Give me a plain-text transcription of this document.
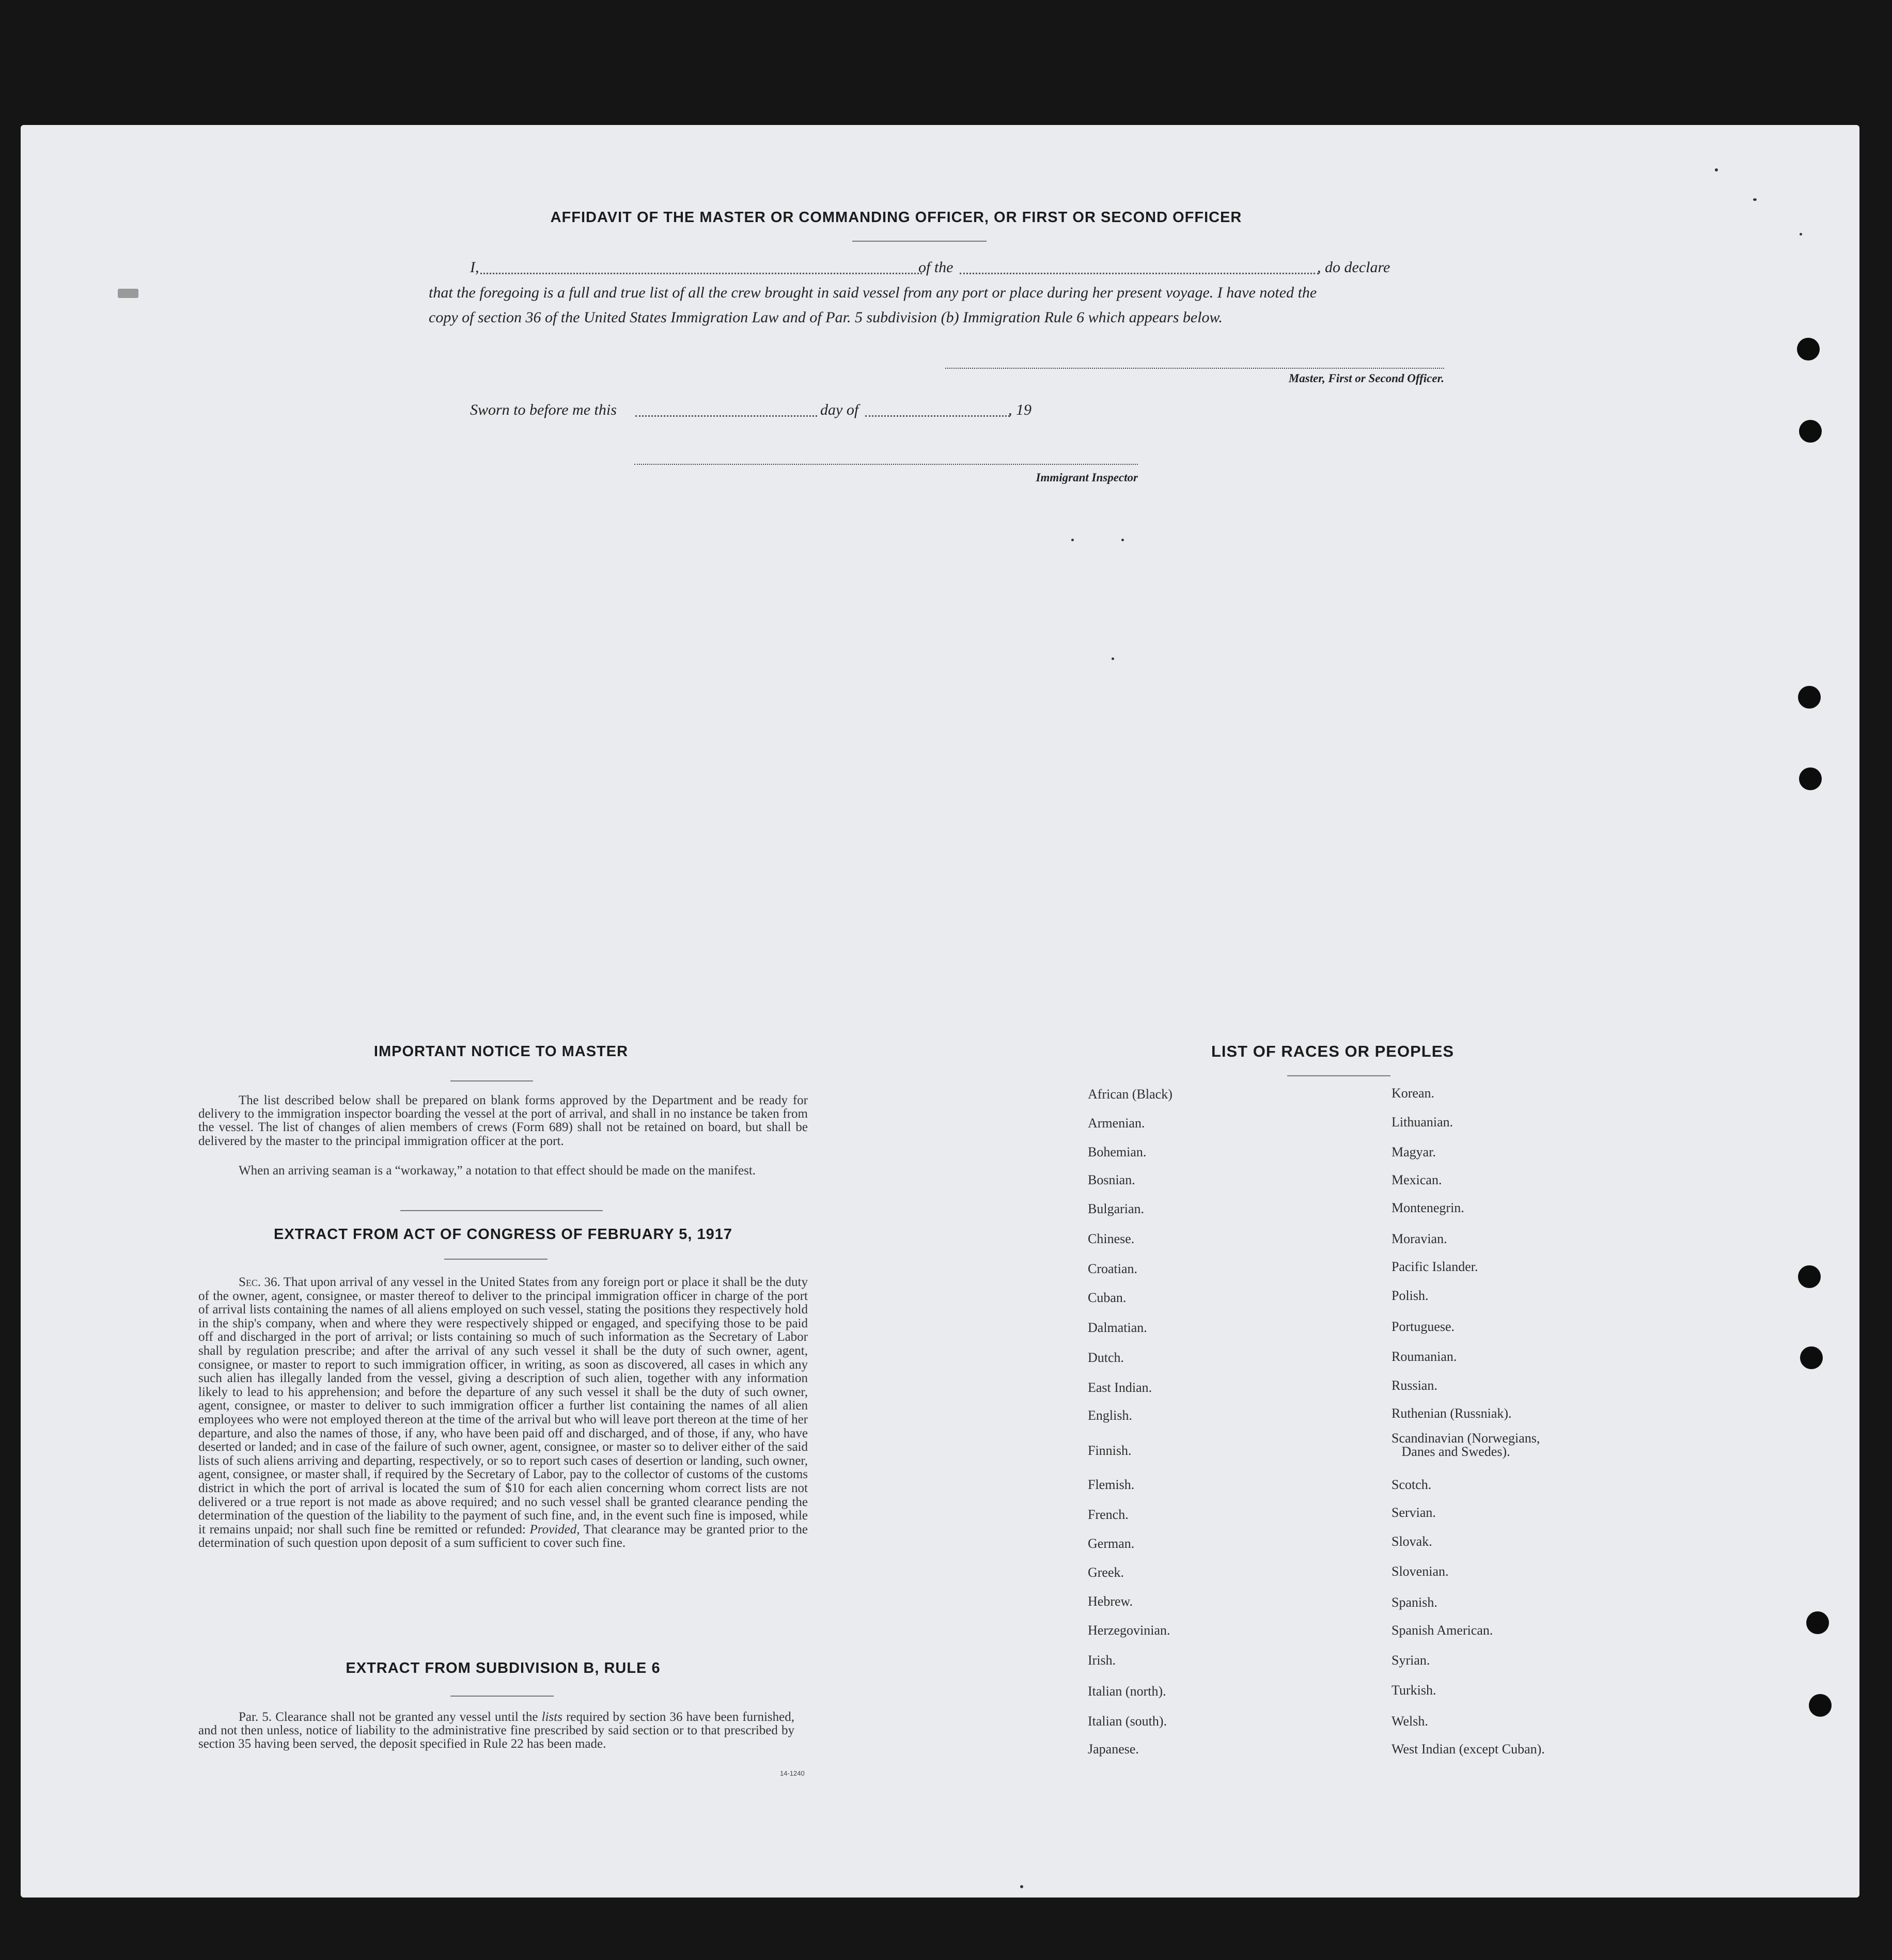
AFFIDAVIT OF THE MASTER OR COMMANDING OFFICER, OR FIRST OR SECOND OFFICER
I,	of the	, do declare
that the foregoing is a full and true list of all the crew brought in said vessel from any port or place during her present voyage. I have noted the
copy of section 36 of the United States Immigration Law and of Par. 5 subdivision (b) Immigration Rule 6 which appears below.
Master, First or Second Officer.
Sworn to before me this	day of	, 19
Immigrant Inspector
IMPORTANT NOTICE TO MASTER
The list described below shall be prepared on blank forms approved by the Department and be ready for delivery to the immigration inspector boarding the vessel at the port of arrival, and shall in no instance be taken from the vessel. The list of changes of alien members of crews (Form 689) shall not be retained on board, but shall be delivered by the master to the principal immigration officer at the port.
When an arriving seaman is a “workaway,” a notation to that effect should be made on the manifest.
EXTRACT FROM ACT OF CONGRESS OF FEBRUARY 5, 1917
Sec. 36. That upon arrival of any vessel in the United States from any foreign port or place it shall be the duty of the owner, agent, consignee, or master thereof to deliver to the principal immigration officer in charge of the port of arrival lists containing the names of all aliens employed on such vessel, stating the positions they respectively hold in the ship's company, when and where they were respectively shipped or engaged, and specifying those to be paid off and discharged in the port of arrival; or lists containing so much of such information as the Secretary of Labor shall by regulation prescribe; and after the arrival of any such vessel it shall be the duty of such owner, agent, consignee, or master to report to such immigration officer, in writing, as soon as discovered, all cases in which any such alien has illegally landed from the vessel, giving a description of such alien, together with any information likely to lead to his apprehension; and before the departure of any such vessel it shall be the duty of such owner, agent, consignee, or master to deliver to such immigration officer a further list containing the names of all alien employees who were not employed thereon at the time of the arrival but who will leave port thereon at the time of her departure, and also the names of those, if any, who have been paid off and discharged, and of those, if any, who have deserted or landed; and in case of the failure of such owner, agent, consignee, or master so to deliver either of the said lists of such aliens arriving and departing, respectively, or so to report such cases of desertion or landing, such owner, agent, consignee, or master shall, if required by the Secretary of Labor, pay to the collector of customs of the customs district in which the port of arrival is located the sum of $10 for each alien concerning whom correct lists are not delivered or a true report is not made as above required; and no such vessel shall be granted clearance pending the determination of the question of the liability to the payment of such fine, and, in the event such fine is imposed, while it remains unpaid; nor shall such fine be remitted or refunded: Provided, That clearance may be granted prior to the determination of such question upon deposit of a sum sufficient to cover such fine.
EXTRACT FROM SUBDIVISION B, RULE 6
Par. 5. Clearance shall not be granted any vessel until the lists required by section 36 have been furnished, and not then unless, notice of liability to the administrative fine prescribed by said section or to that prescribed by section 35 having been served, the deposit specified in Rule 22 has been made.
14-1240
LIST OF RACES OR PEOPLES
African (Black)
Armenian.
Bohemian.
Bosnian.
Bulgarian.
Chinese.
Croatian.
Cuban.
Dalmatian.
Dutch.
East Indian.
English.
Finnish.
Flemish.
French.
German.
Greek.
Hebrew.
Herzegovinian.
Irish.
Italian (north).
Italian (south).
Japanese.
Korean.
Lithuanian.
Magyar.
Mexican.
Montenegrin.
Moravian.
Pacific Islander.
Polish.
Portuguese.
Roumanian.
Russian.
Ruthenian (Russniak).
Scandinavian (Norwegians,
Danes and Swedes).
Scotch.
Servian.
Slovak.
Slovenian.
Spanish.
Spanish American.
Syrian.
Turkish.
Welsh.
West Indian (except Cuban).
